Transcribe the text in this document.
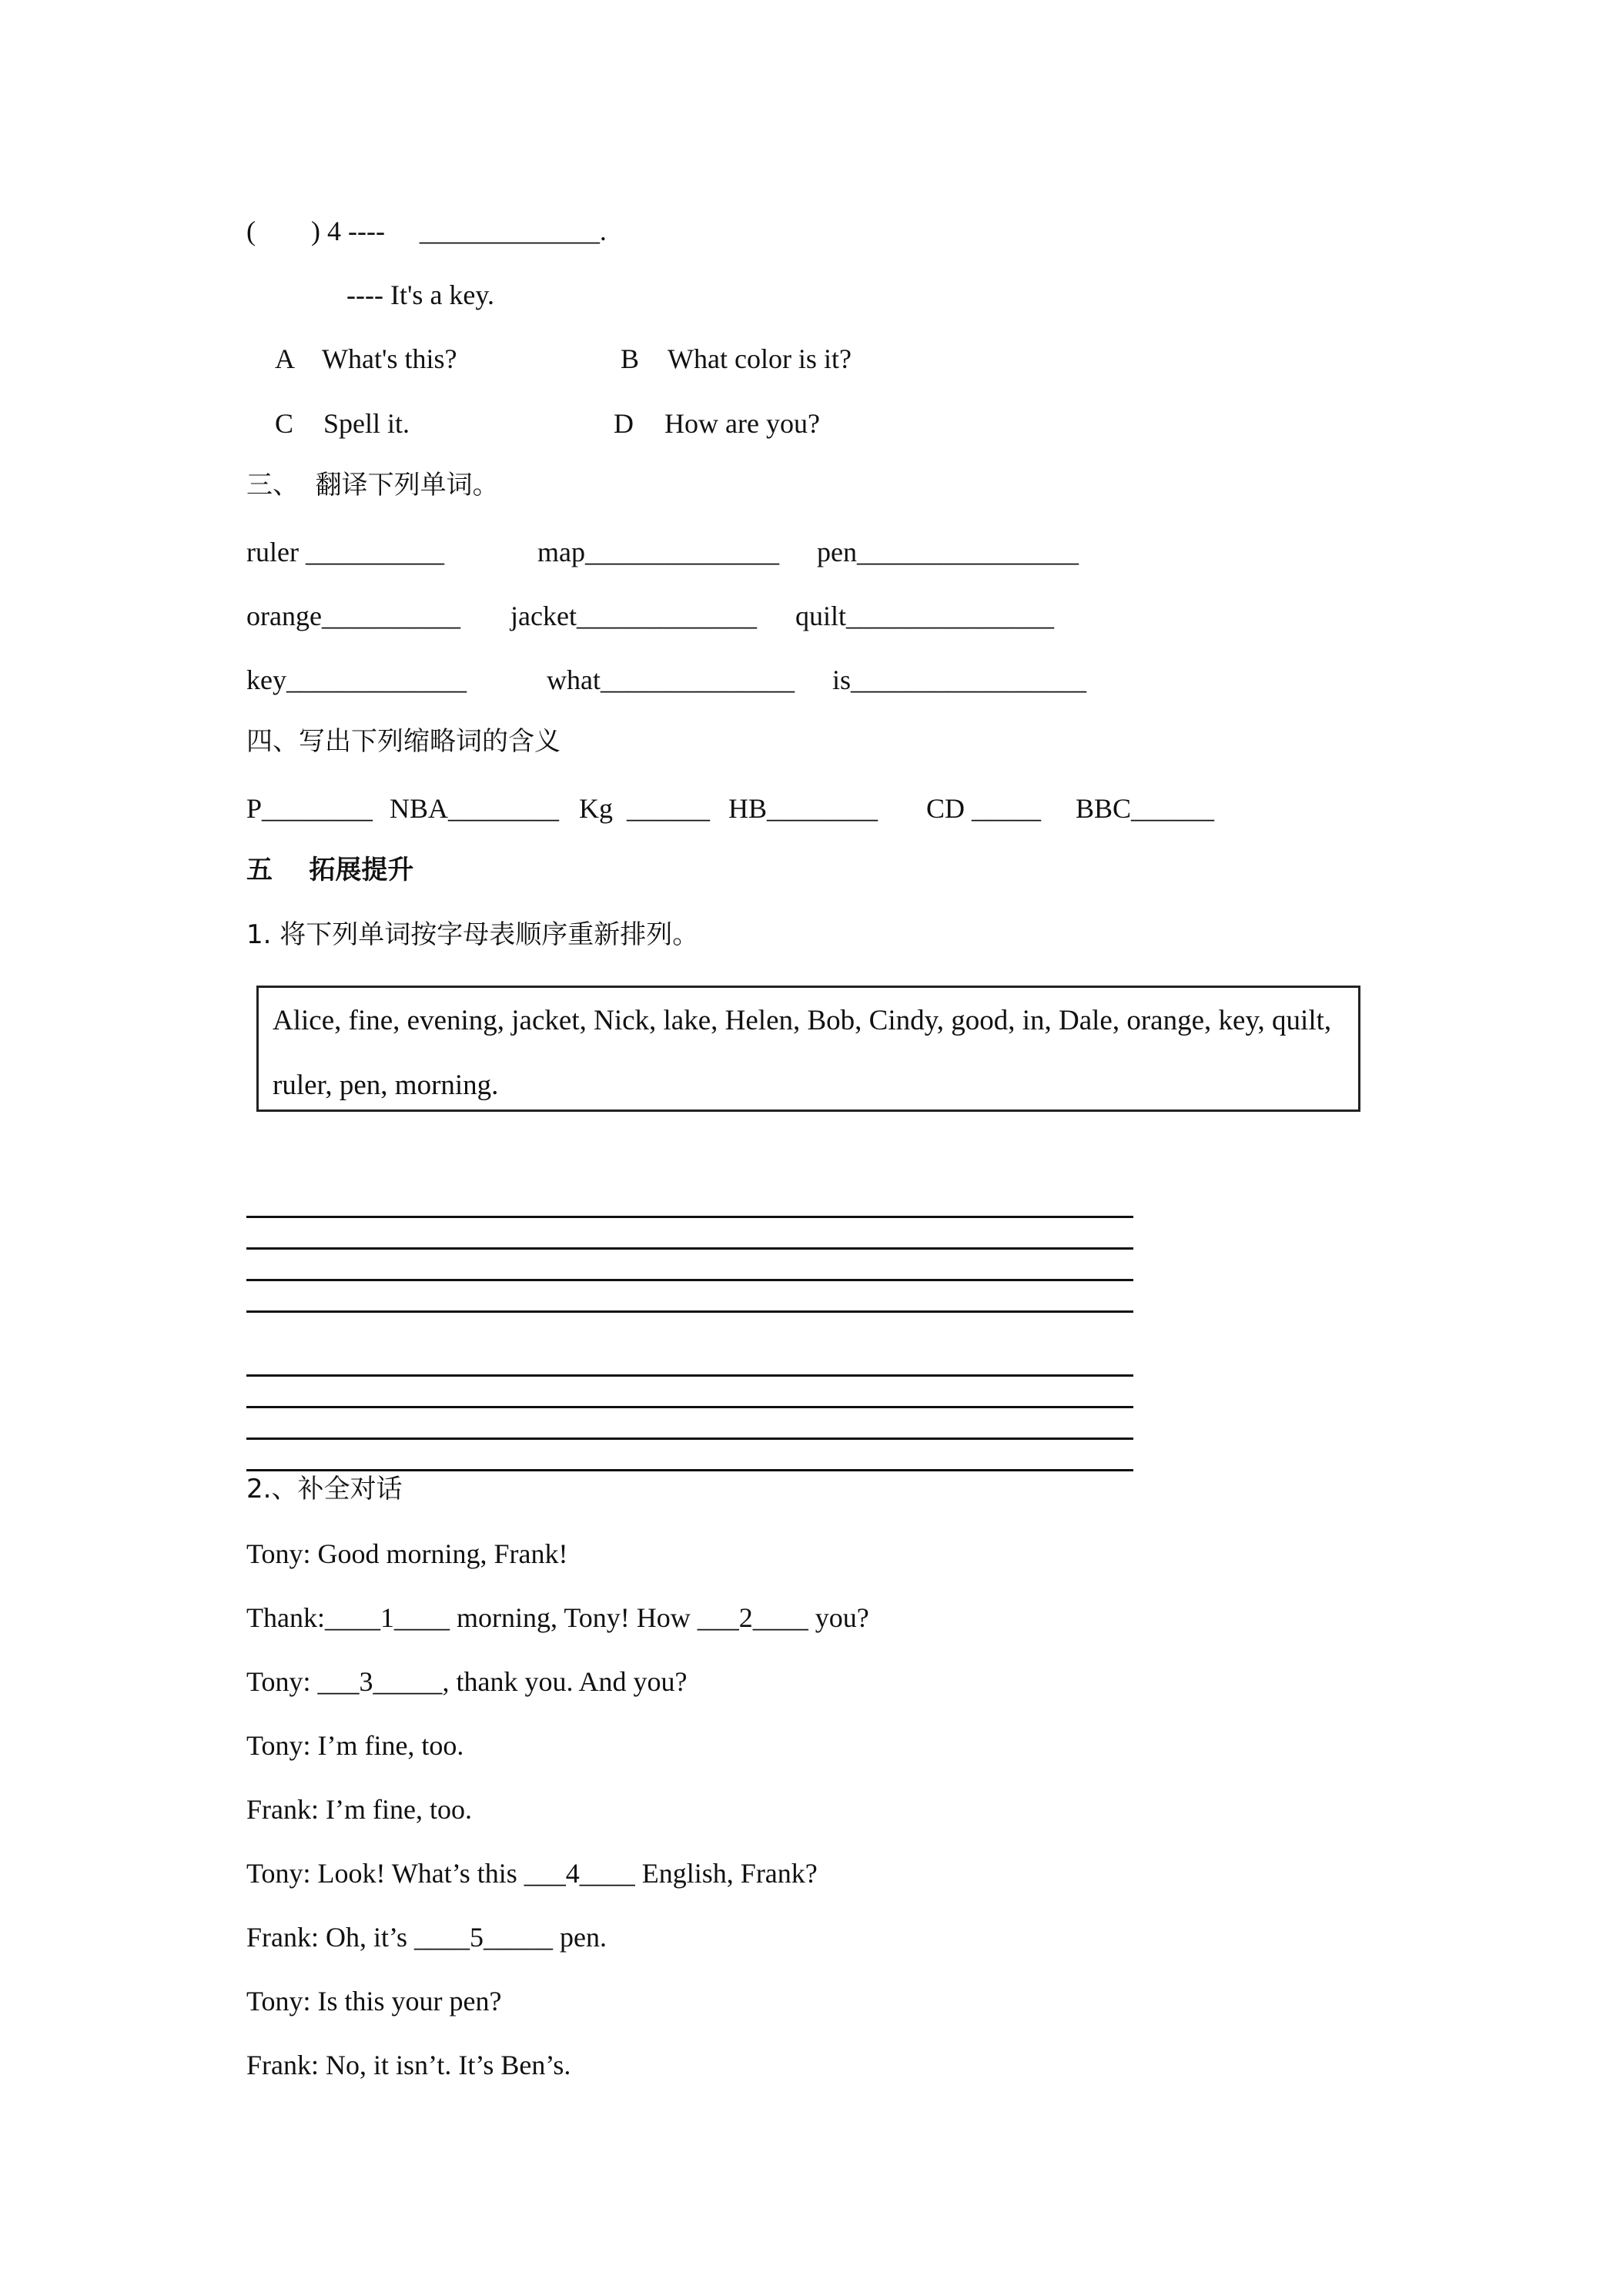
(        ) 4 ----     _____________.
---- It's a key.
A What's this?	B What color is it?
C Spell it.	D How are you?
三、  翻译下列单词。
ruler __________	map______________ pen________________
orange__________ jacket_____________ quilt_______________
key_____________	what______________ is_________________
四、写出下列缩略词的含义
P________ NBA________ Kg  ______ HB________ CD _____ BBC______
五    拓展提升
1. 将下列单词按字母表顺序重新排列。
Alice, fine, evening, jacket, Nick, lake, Helen, Bob, Cindy, good, in, Dale, orange, key, quilt,
ruler, pen, morning.
2.、补全对话
Tony: Good morning, Frank!
Thank:____1____ morning, Tony! How ___2____ you?
Tony: ___3_____, thank you. And you?
Tony: I’m fine, too.
Frank: I’m fine, too.
Tony: Look! What’s this ___4____ English, Frank?
Frank: Oh, it’s ____5_____ pen.
Tony: Is this your pen?
Frank: No, it isn’t. It’s Ben’s.
